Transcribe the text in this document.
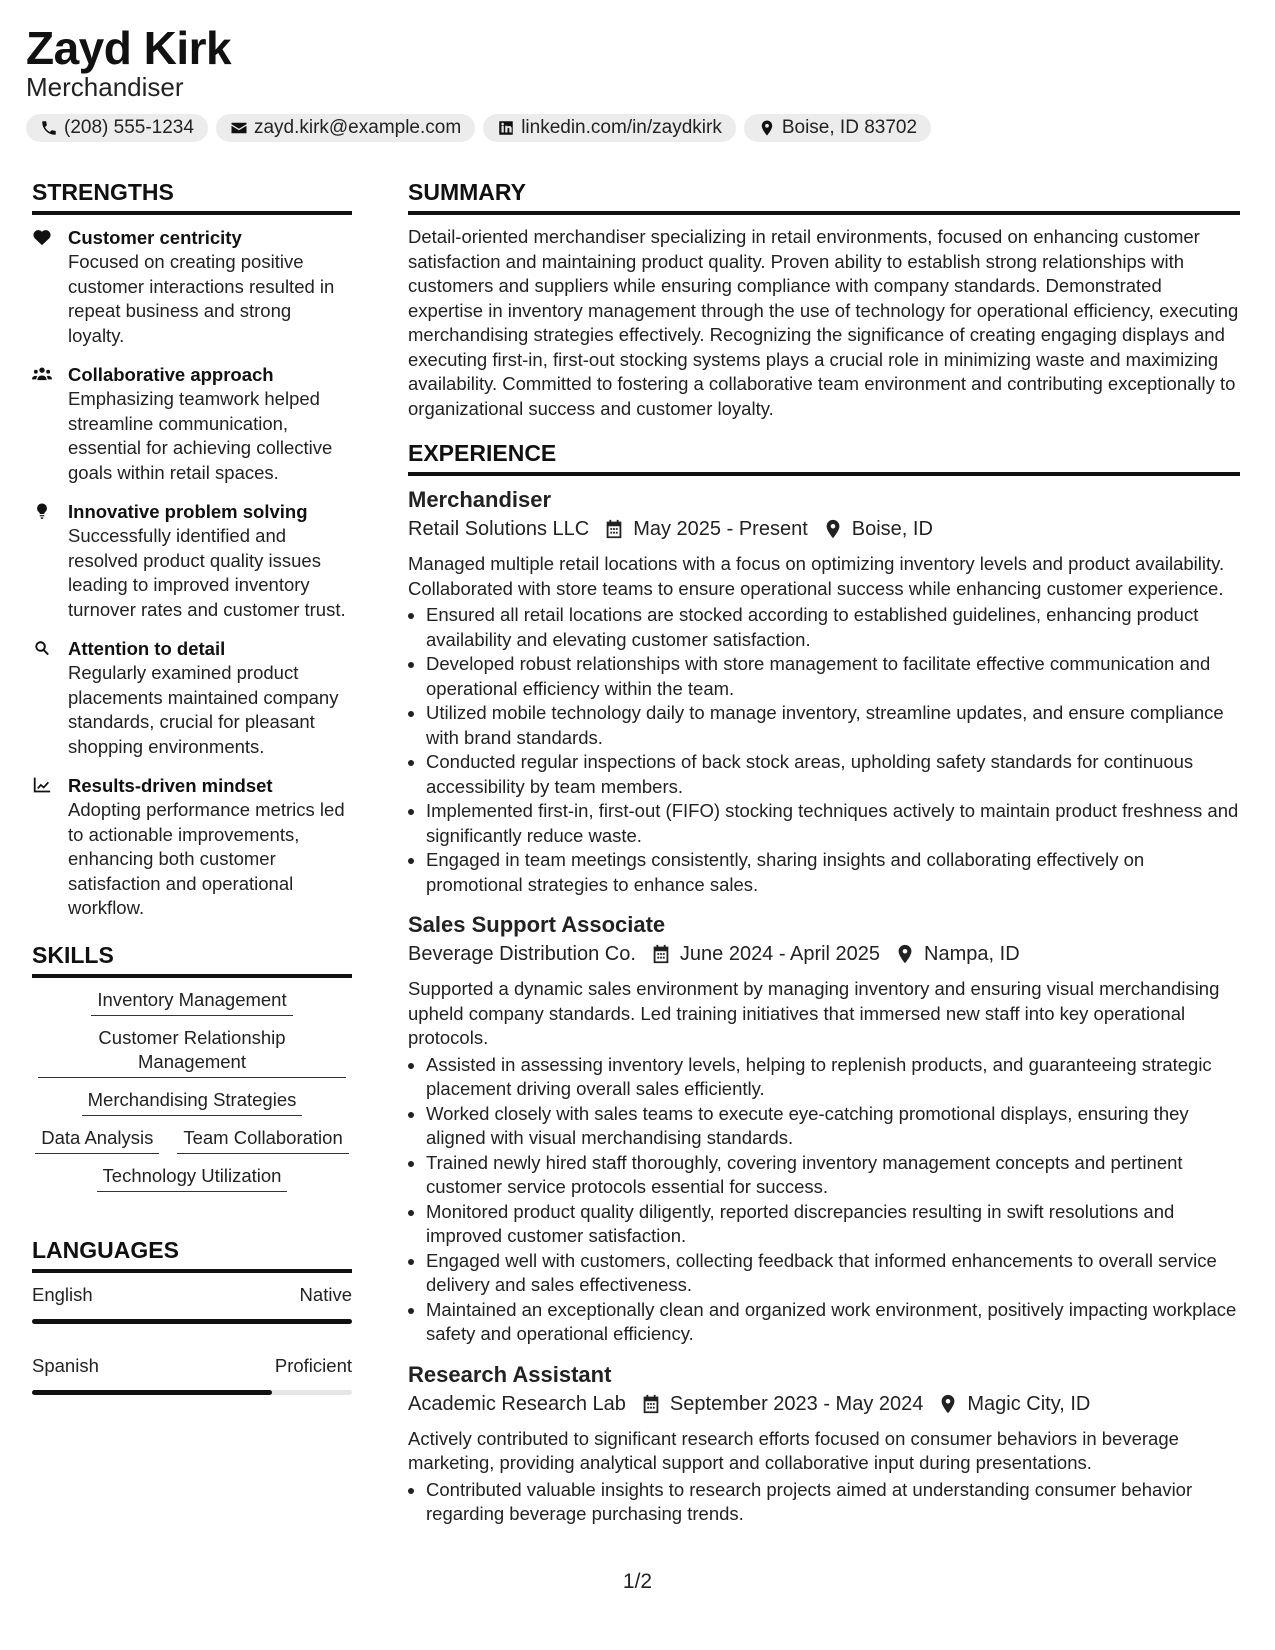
Zayd Kirk
Merchandiser
(208) 555-1234	zayd.kirk@example.com	linkedin.com/in/zaydkirk	Boise, ID 83702
STRENGTHS
Customer centricity
Focused on creating positive customer interactions resulted in repeat business and strong loyalty.
Collaborative approach
Emphasizing teamwork helped streamline communication, essential for achieving collective goals within retail spaces.
Innovative problem solving
Successfully identified and resolved product quality issues leading to improved inventory turnover rates and customer trust.
Attention to detail
Regularly examined product placements maintained company standards, crucial for pleasant shopping environments.
Results-driven mindset
Adopting performance metrics led to actionable improvements, enhancing both customer satisfaction and operational workflow.
SKILLS
Inventory Management
Customer Relationship Management
Merchandising Strategies
Data Analysis	Team Collaboration
Technology Utilization
LANGUAGES
English	Native
Spanish	Proficient
SUMMARY
Detail-oriented merchandiser specializing in retail environments, focused on enhancing customer satisfaction and maintaining product quality. Proven ability to establish strong relationships with customers and suppliers while ensuring compliance with company standards. Demonstrated expertise in inventory management through the use of technology for operational efficiency, executing merchandising strategies effectively. Recognizing the significance of creating engaging displays and executing first-in, first-out stocking systems plays a crucial role in minimizing waste and maximizing availability. Committed to fostering a collaborative team environment and contributing exceptionally to organizational success and customer loyalty.
EXPERIENCE
Merchandiser
Retail Solutions LLC May 2025 - Present Boise, ID
Managed multiple retail locations with a focus on optimizing inventory levels and product availability. Collaborated with store teams to ensure operational success while enhancing customer experience.
• Ensured all retail locations are stocked according to established guidelines, enhancing product availability and elevating customer satisfaction.
• Developed robust relationships with store management to facilitate effective communication and operational efficiency within the team.
• Utilized mobile technology daily to manage inventory, streamline updates, and ensure compliance with brand standards.
• Conducted regular inspections of back stock areas, upholding safety standards for continuous accessibility by team members.
• Implemented first-in, first-out (FIFO) stocking techniques actively to maintain product freshness and significantly reduce waste.
• Engaged in team meetings consistently, sharing insights and collaborating effectively on promotional strategies to enhance sales.
Sales Support Associate
Beverage Distribution Co. June 2024 - April 2025 Nampa, ID
Supported a dynamic sales environment by managing inventory and ensuring visual merchandising upheld company standards. Led training initiatives that immersed new staff into key operational protocols.
• Assisted in assessing inventory levels, helping to replenish products, and guaranteeing strategic placement driving overall sales efficiently.
• Worked closely with sales teams to execute eye-catching promotional displays, ensuring they aligned with visual merchandising standards.
• Trained newly hired staff thoroughly, covering inventory management concepts and pertinent customer service protocols essential for success.
• Monitored product quality diligently, reported discrepancies resulting in swift resolutions and improved customer satisfaction.
• Engaged well with customers, collecting feedback that informed enhancements to overall service delivery and sales effectiveness.
• Maintained an exceptionally clean and organized work environment, positively impacting workplace safety and operational efficiency.
Research Assistant
Academic Research Lab September 2023 - May 2024 Magic City, ID
Actively contributed to significant research efforts focused on consumer behaviors in beverage marketing, providing analytical support and collaborative input during presentations.
• Contributed valuable insights to research projects aimed at understanding consumer behavior regarding beverage purchasing trends.
1/2
